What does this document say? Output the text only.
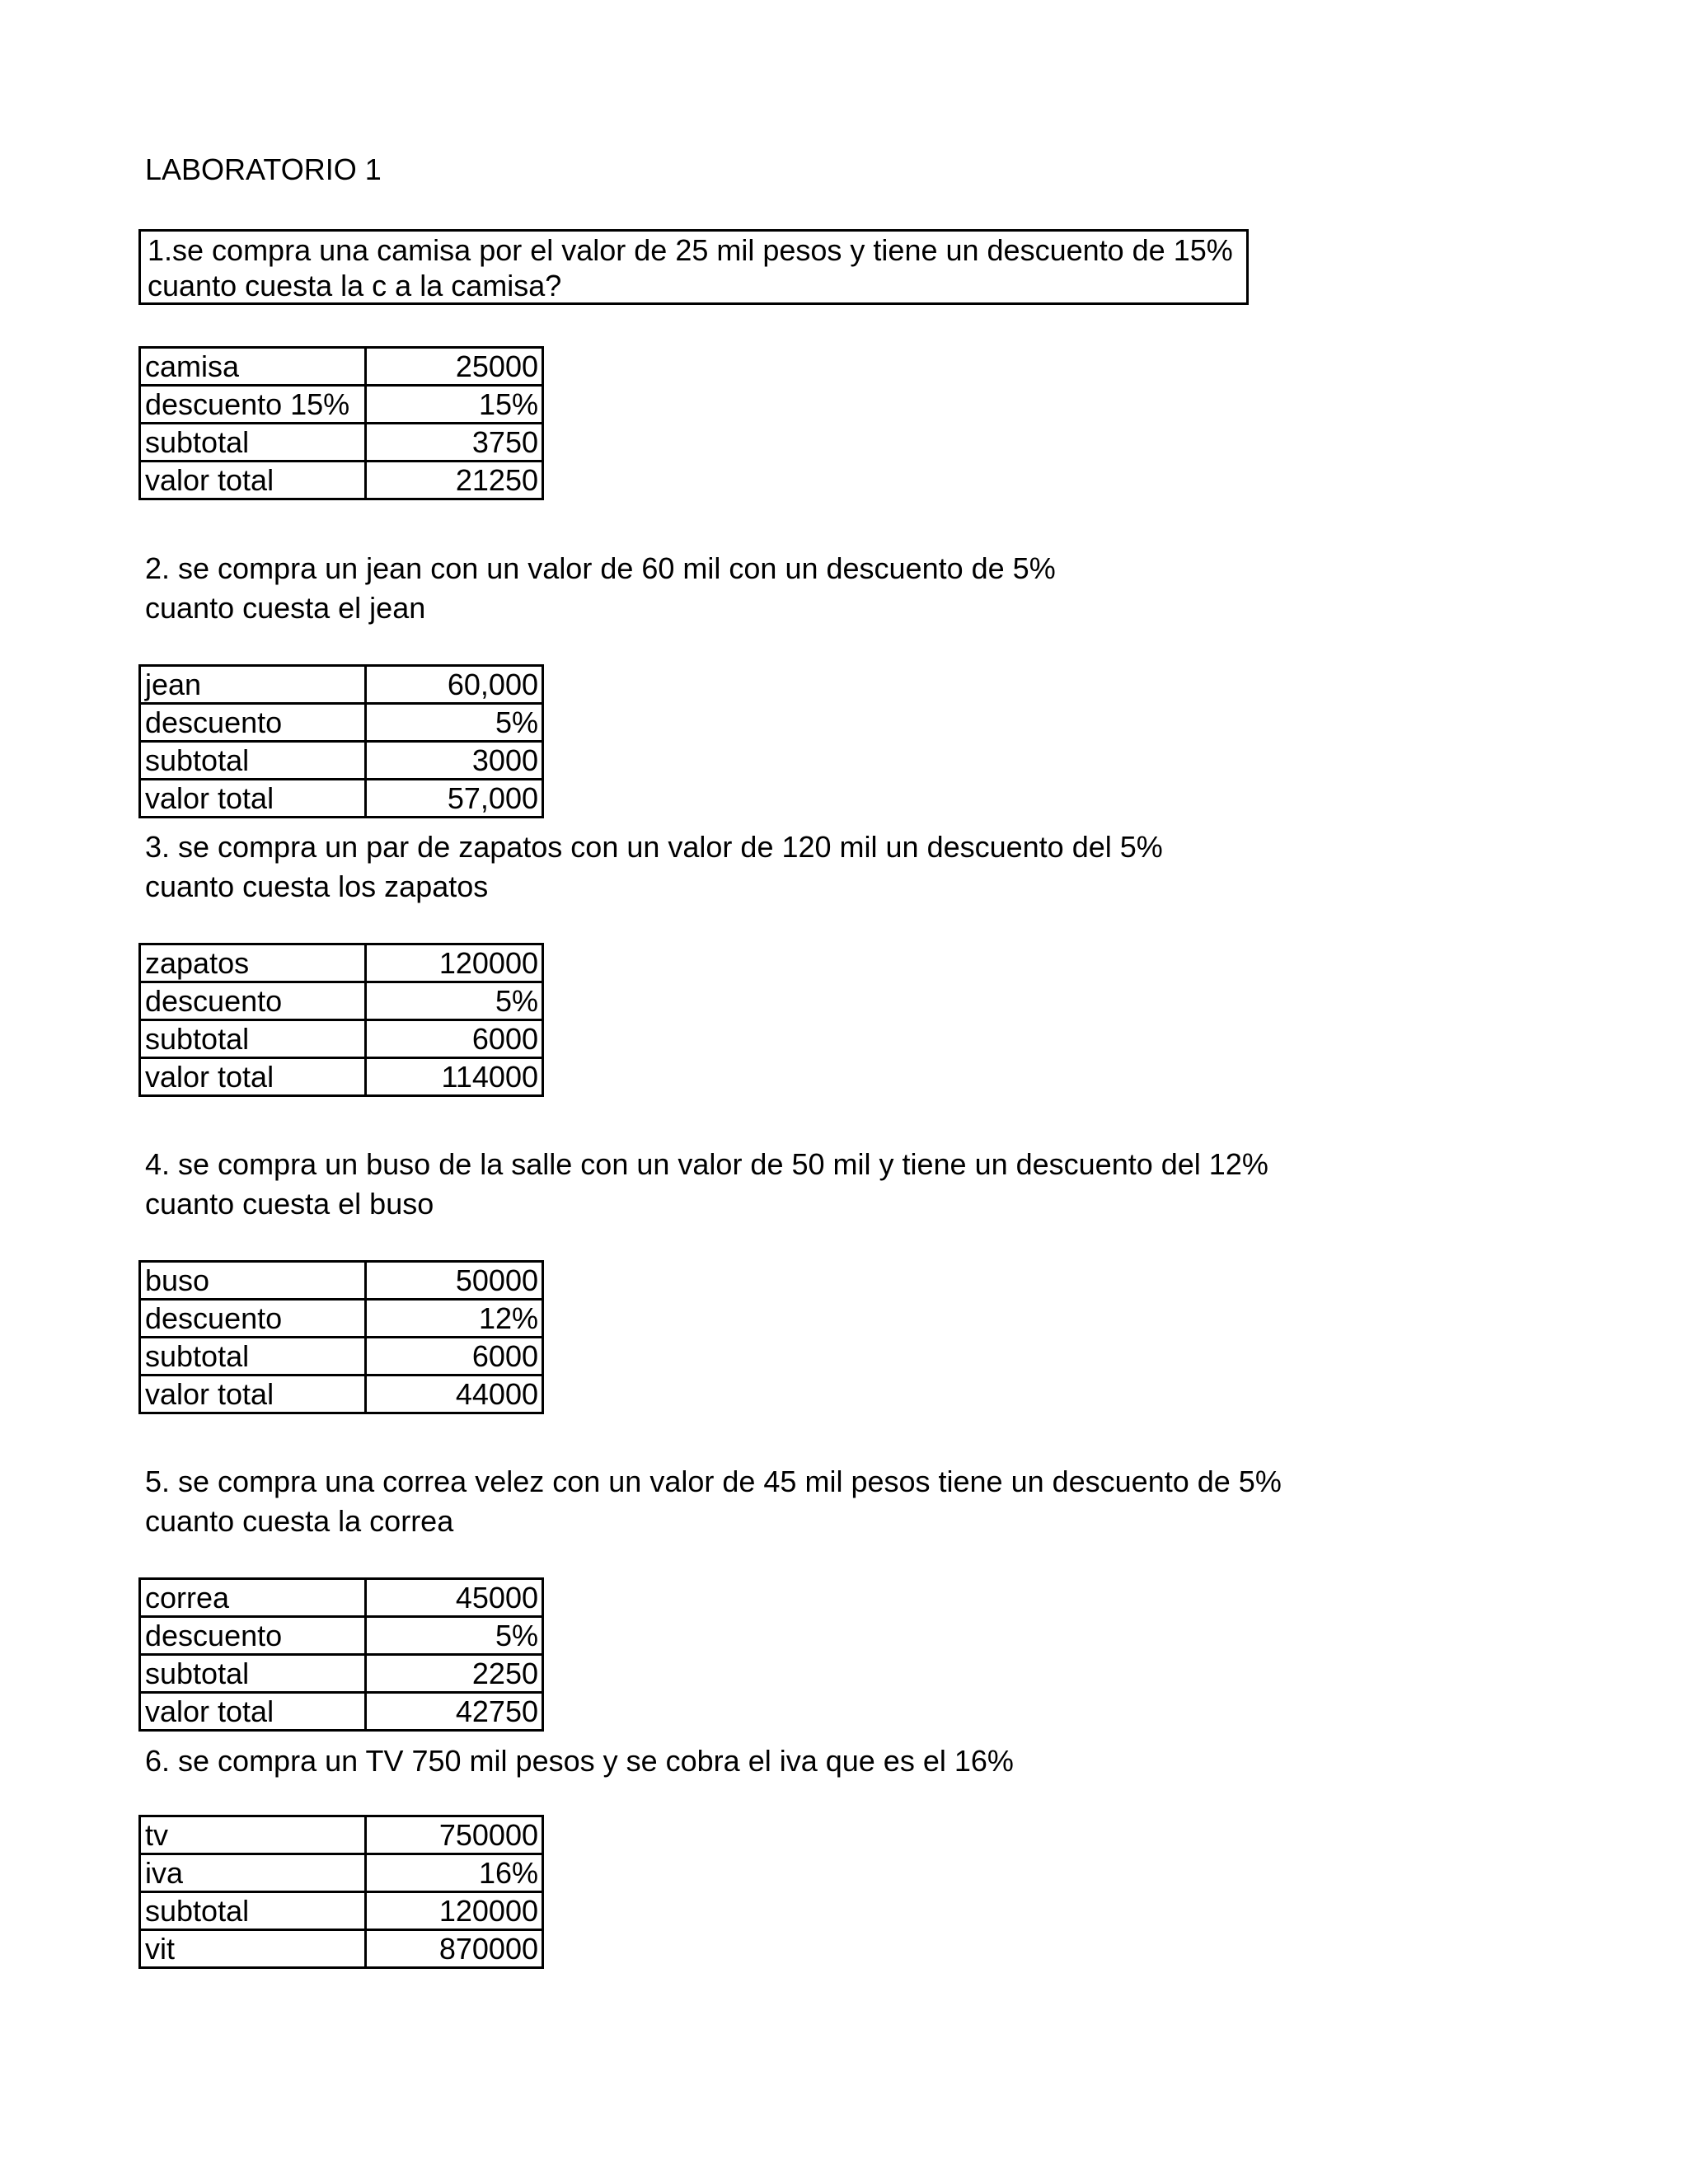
LABORATORIO 1
1.se compra una camisa por el valor de 25 mil pesos y tiene un descuento de 15%
cuanto cuesta la c a la camisa?
camisa	25000
descuento 15%	15%
subtotal	3750
valor total	21250
2. se compra un jean con un valor de 60 mil con un descuento de 5%
cuanto cuesta el jean
jean	60,000
descuento	5%
subtotal	3000
valor total	57,000
3. se compra un par de zapatos con un valor de 120 mil un descuento del 5%
cuanto cuesta los zapatos
zapatos	120000
descuento	5%
subtotal	6000
valor total	114000
4. se compra un buso de la salle con un valor de 50 mil y tiene un descuento del 12%
cuanto cuesta el buso
buso	50000
descuento	12%
subtotal	6000
valor total	44000
5. se compra una correa velez con un valor de 45 mil pesos tiene un descuento de 5%
cuanto cuesta la correa
correa	45000
descuento	5%
subtotal	2250
valor total	42750
6. se compra un TV 750 mil pesos y se cobra el iva que es el 16%
tv	750000
iva	16%
subtotal	120000
vit	870000
